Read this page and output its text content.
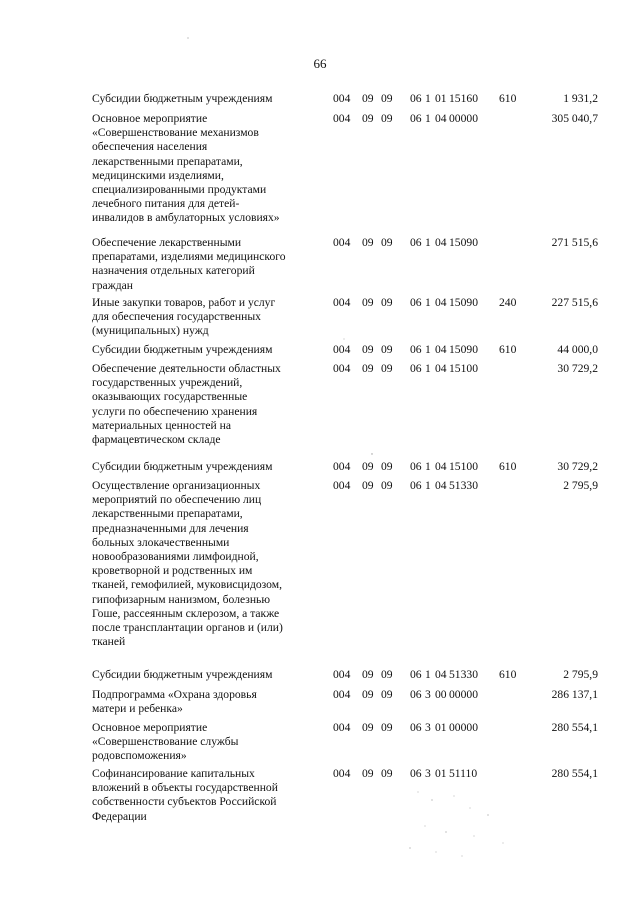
66
Субсидии бюджетным учреждениям	004 09 09 06 1 01 15160 610	1 931,2
Основное мероприятие
«Совершенствование механизмов
обеспечения населения
лекарственными препаратами,
медицинскими изделиями,
специализированными продуктами
лечебного питания для детей-
инвалидов в амбулаторных условиях»
004 09 09 06 1 04 00000	305 040,7
Обеспечение лекарственными
препаратами, изделиями медицинского
назначения отдельных категорий
граждан
004 09 09 06 1 04 15090	271 515,6
Иные закупки товаров, работ и услуг
для обеспечения государственных
(муниципальных) нужд
004 09 09 06 1 04 15090 240	227 515,6
Субсидии бюджетным учреждениям	004 09 09 06 1 04 15090 610	44 000,0
Обеспечение деятельности областных
государственных учреждений,
оказывающих государственные
услуги по обеспечению хранения
материальных ценностей на
фармацевтическом складе
004 09 09 06 1 04 15100	30 729,2
Субсидии бюджетным учреждениям	004 09 09 06 1 04 15100 610	30 729,2
Осуществление организационных
мероприятий по обеспечению лиц
лекарственными препаратами,
предназначенными для лечения
больных злокачественными
новообразованиями лимфоидной,
кроветворной и родственных им
тканей, гемофилией, муковисцидозом,
гипофизарным нанизмом, болезнью
Гоше, рассеянным склерозом, а также
после трансплантации органов и (или)
тканей
004 09 09 06 1 04 51330	2 795,9
Субсидии бюджетным учреждениям	004 09 09 06 1 04 51330 610	2 795,9
Подпрограмма «Охрана здоровья
матери и ребенка»
004 09 09 06 3 00 00000	286 137,1
Основное мероприятие
«Совершенствование службы
родовспоможения»
004 09 09 06 3 01 00000	280 554,1
Софинансирование капитальных
вложений в объекты государственной
собственности субъектов Российской
Федерации
004 09 09 06 3 01 51110	280 554,1
